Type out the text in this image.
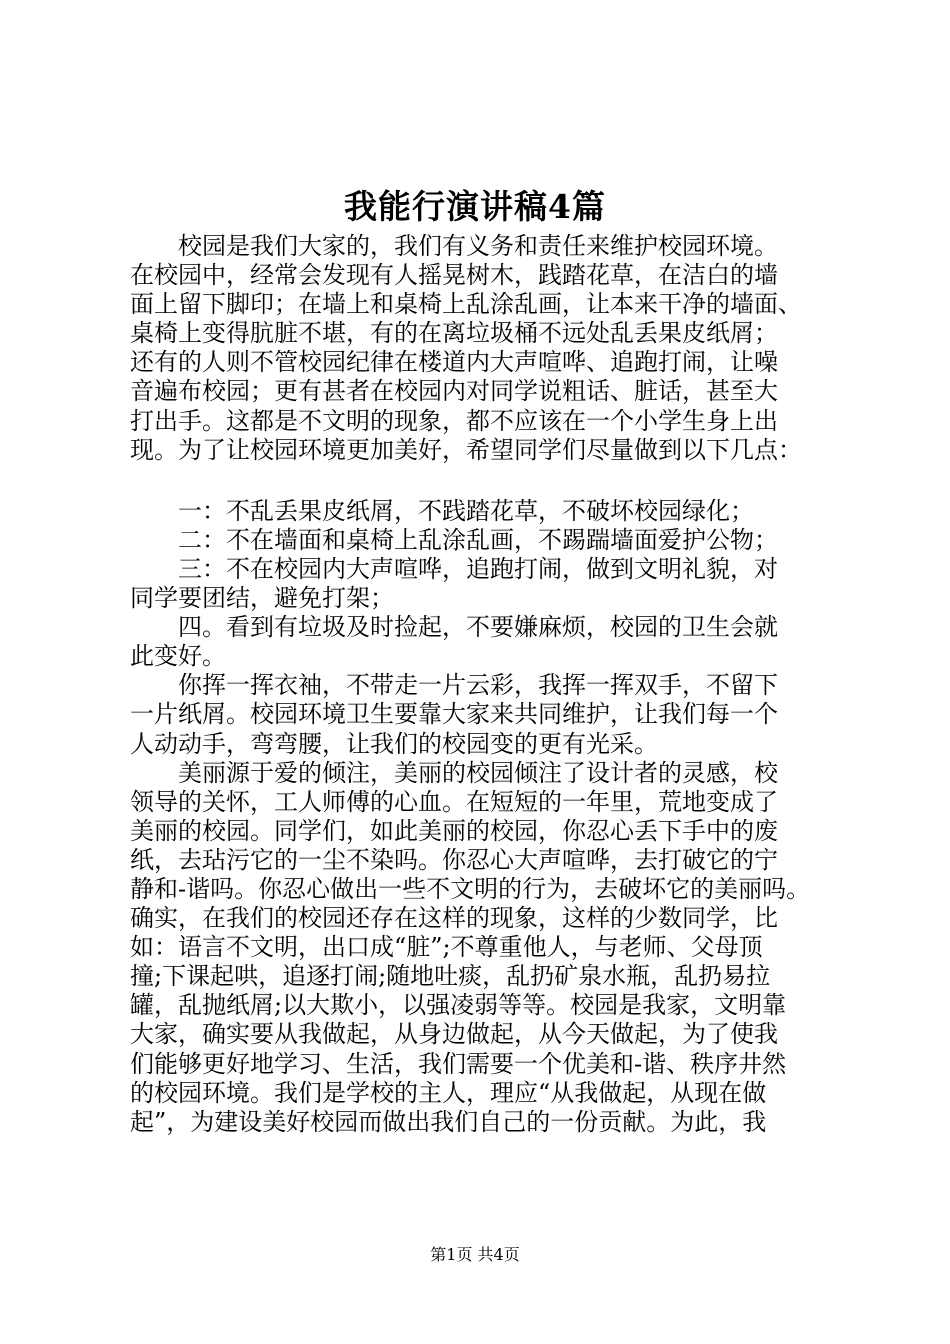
我能行演讲稿4篇
　　校园是我们大家的，我们有义务和责任来维护校园环境。
在校园中，经常会发现有人摇晃树木，践踏花草，在洁白的墙
面上留下脚印；在墙上和桌椅上乱涂乱画，让本来干净的墙面、
桌椅上变得肮脏不堪，有的在离垃圾桶不远处乱丢果皮纸屑；
还有的人则不管校园纪律在楼道内大声喧哗、追跑打闹，让噪
音遍布校园；更有甚者在校园内对同学说粗话、脏话，甚至大
打出手。这都是不文明的现象，都不应该在一个小学生身上出
现。为了让校园环境更加美好，希望同学们尽量做到以下几点：
　　一：不乱丢果皮纸屑，不践踏花草，不破坏校园绿化；
　　二：不在墙面和桌椅上乱涂乱画，不踢踹墙面爱护公物；
　　三：不在校园内大声喧哗，追跑打闹，做到文明礼貌，对
同学要团结，避免打架；
　　四。看到有垃圾及时捡起，不要嫌麻烦，校园的卫生会就
此变好。
　　你挥一挥衣袖，不带走一片云彩，我挥一挥双手，不留下
一片纸屑。校园环境卫生要靠大家来共同维护，让我们每一个
人动动手，弯弯腰，让我们的校园变的更有光采。
　　美丽源于爱的倾注，美丽的校园倾注了设计者的灵感，校
领导的关怀，工人师傅的心血。在短短的一年里，荒地变成了
美丽的校园。同学们，如此美丽的校园，你忍心丢下手中的废
纸，去玷污它的一尘不染吗。你忍心大声喧哗，去打破它的宁
静和-谐吗。你忍心做出一些不文明的行为，去破坏它的美丽吗。
确实，在我们的校园还存在这样的现象，这样的少数同学，比
如：语言不文明，出口成“脏”;不尊重他人，与老师、父母顶
撞;下课起哄，追逐打闹;随地吐痰，乱扔矿泉水瓶，乱扔易拉
罐，乱抛纸屑;以大欺小，以强凌弱等等。校园是我家，文明靠
大家，确实要从我做起，从身边做起，从今天做起，为了使我
们能够更好地学习、生活，我们需要一个优美和-谐、秩序井然
的校园环境。我们是学校的主人，理应“从我做起，从现在做
起”，为建设美好校园而做出我们自己的一份贡献。为此，我
第1页 共4页
